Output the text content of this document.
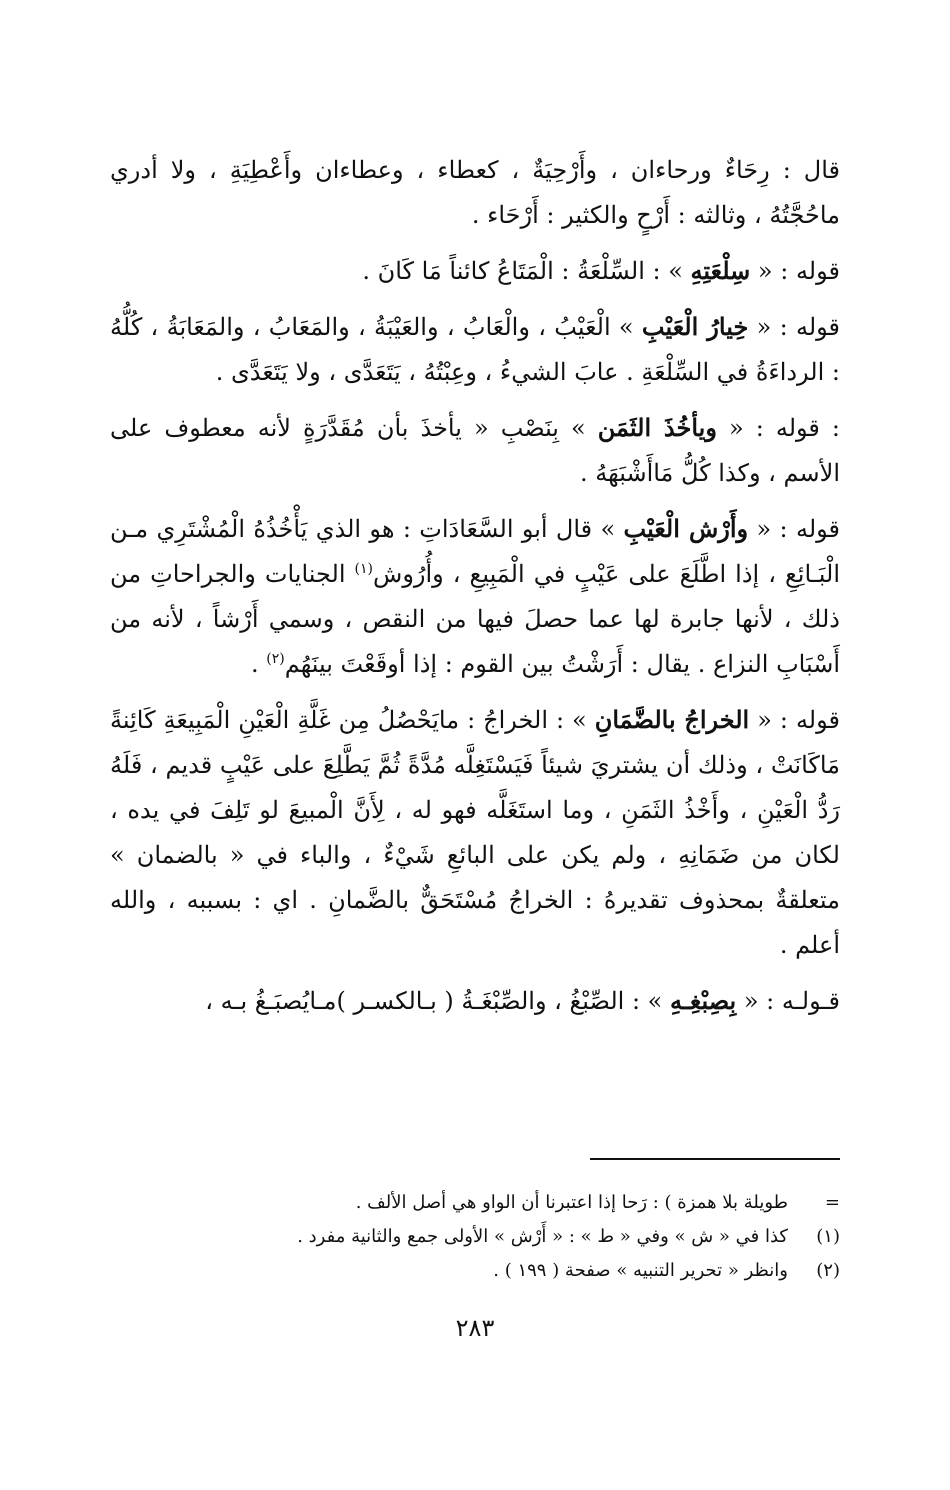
قال : رِحَاءٌ ورحاءان ، وأَرْحِيَةٌ ، كعطاء ، وعطاءان وأَعْطِيَةِ ، ولا أدري ماحُجَّتُهُ ، وثالثه : أَرْحٍ والكثير : أَرْحَاء .

قوله : « سِلْعَتِهِ » : السِّلْعَةُ : الْمَتَاعُ كائناً مَا كَانَ .

قوله : « خِيارُ الْعَيْبِ » الْعَيْبُ ، والْعَابُ ، والعَيْبَةُ ، والمَعَابُ ، والمَعَابَةُ ، كُلُّهُ : الرداءَةُ في السِّلْعَةِ . عابَ الشيءُ ، وعِبْتُهُ ، يَتَعَدَّى ، ولا يَتَعَدَّى .

: قوله : « ويأخُذَ الثَمَن » بِنَصْبِ « يأخذَ بأن مُقَدَّرَةٍ لأنه معطوف على الأسم ، وكذا كُلُّ مَاأَشْبَهَهُ .

قوله : « وأَرْش الْعَيْبِ » قال أبو السَّعَادَاتِ : هو الذي يَأْخُذُهُ الْمُشْتَرِي مـن الْبَـائِعِ ، إذا اطَّلَعَ على عَيْبٍ في الْمَبِيعِ ، وأُرُوش$^{(١)}$ الجنايات والجراحاتِ من ذلك ، لأنها جابرة لها عما حصلَ فيها من النقص ، وسمي أَرْشاً ، لأنه من أَسْبَابِ النزاع . يقال : أَرَشْتُ بين القوم : إذا أوقَعْتَ بينَهُم$^{(٢)}$ .

قوله : « الخراجُ بالضَّمَانِ » : الخراجُ : مايَحْصُلُ مِن غَلَّةِ الْعَيْنِ الْمَبِيعَةِ كَائِنةً مَاكَانَتْ ، وذلك أن يشتريَ شيئاً فَيَسْتَغِلَّه مُدَّةً ثُمَّ يَطَّلِعَ على عَيْبٍ قديم ، فَلَهُ رَدُّ الْعَيْنِ ، وأَخْذُ الثَمَنِ ، وما استَغَلَّه فهو له ، لِأَنَّ الْمبيعَ لو تَلِفَ في يده ، لكان من ضَمَانِهِ ، ولم يكن على البائعِ شَيْءٌ ، والباء في « بالضمان » متعلقةٌ بمحذوف تقديرهُ : الخراجُ مُسْتَحَقٌّ بالضَّمانِ . اي : بسببه ، والله أعلم .

قـولـه : « بِصِبْغِـهِ » : الصِّبْغُ ، والصِّبْغَـةُ ( بـالكسـر )مـايُصبَـغُ بـه ،

=
طويلة بلا همزة ) : رَحا إذا اعتبرنا أن الواو هي أصل الألف .
(١)
كذا في « ش » وفي « ط » : « أَرْش » الأولى جمع والثانية مفرد .
(٢)
وانظر « تحرير التنبيه » صفحة ( ١٩٩ ) .
٢٨٣
